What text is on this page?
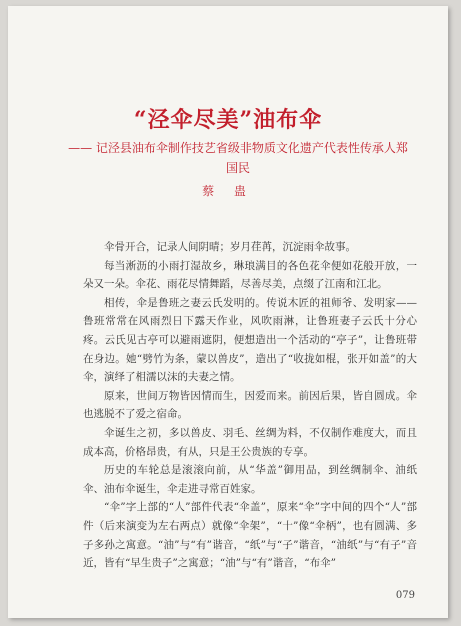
“泾伞尽美”油布伞
—— 记泾县油布伞制作技艺省级非物质文化遗产代表性传承人郑国民
蔡 蛊

伞骨开合，记录人间阴晴；岁月荏苒，沉淀雨伞故事。

每当淅沥的小雨打湿故乡，琳琅满目的各色花伞便如花般开放，一朵又一朵。伞花、雨花尽情舞蹈，尽善尽美，点缀了江南和江北。

相传，伞是鲁班之妻云氏发明的。传说木匠的祖师爷、发明家——鲁班常常在风雨烈日下露天作业，风吹雨淋，让鲁班妻子云氏十分心疼。云氏见古亭可以避雨遮阴，便想造出一个活动的“亭子”，让鲁班带在身边。她“劈竹为条，蒙以兽皮”，造出了“收拢如棍，张开如盖”的大伞，演绎了相濡以沫的夫妻之情。

原来，世间万物皆因情而生，因爱而来。前因后果，皆自圆成。伞也逃脱不了爱之宿命。

伞诞生之初，多以兽皮、羽毛、丝绸为料，不仅制作难度大，而且成本高，价格昂贵，有从，只是王公贵族的专享。

历史的车轮总是滚滚向前，从“华盖”御用品，到丝绸制伞、油纸伞、油布伞诞生，伞走进寻常百姓家。

“伞”字上部的“人”部件代表“伞盖”，原来“伞”字中间的四个“人”部件（后来演变为左右两点）就像“伞架”，“十”像“伞柄”，也有圆满、多子多孙之寓意。“油”与“有”谐音，“纸”与“子”谐音，“油纸”与“有子”音近，皆有“早生贵子”之寓意；“油”与“有”谐音，“布伞”

079
